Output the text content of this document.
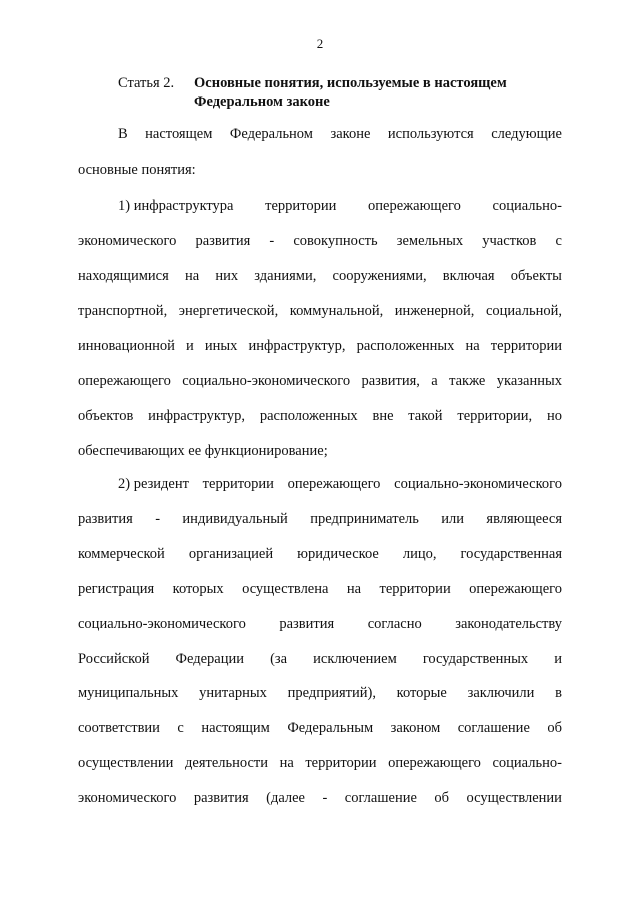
2
Статья 2. Основные понятия, используемые в настоящем Федеральном законе
В настоящем Федеральном законе используются следующие
основные понятия:
1) инфраструктура территории опережающего социально-
экономического развития - совокупность земельных участков с
находящимися на них зданиями, сооружениями, включая объекты
транспортной, энергетической, коммунальной, инженерной, социальной,
инновационной и иных инфраструктур, расположенных на территории
опережающего социально-экономического развития, а также указанных
объектов инфраструктур, расположенных вне такой территории, но
обеспечивающих ее функционирование;
2) резидент территории опережающего социально-экономического
развития - индивидуальный предприниматель или являющееся
коммерческой организацией юридическое лицо, государственная
регистрация которых осуществлена на территории опережающего
социально-экономического развития согласно законодательству
Российской Федерации (за исключением государственных и
муниципальных унитарных предприятий), которые заключили в
соответствии с настоящим Федеральным законом соглашение об
осуществлении деятельности на территории опережающего социально-
экономического развития (далее - соглашение об осуществлении
